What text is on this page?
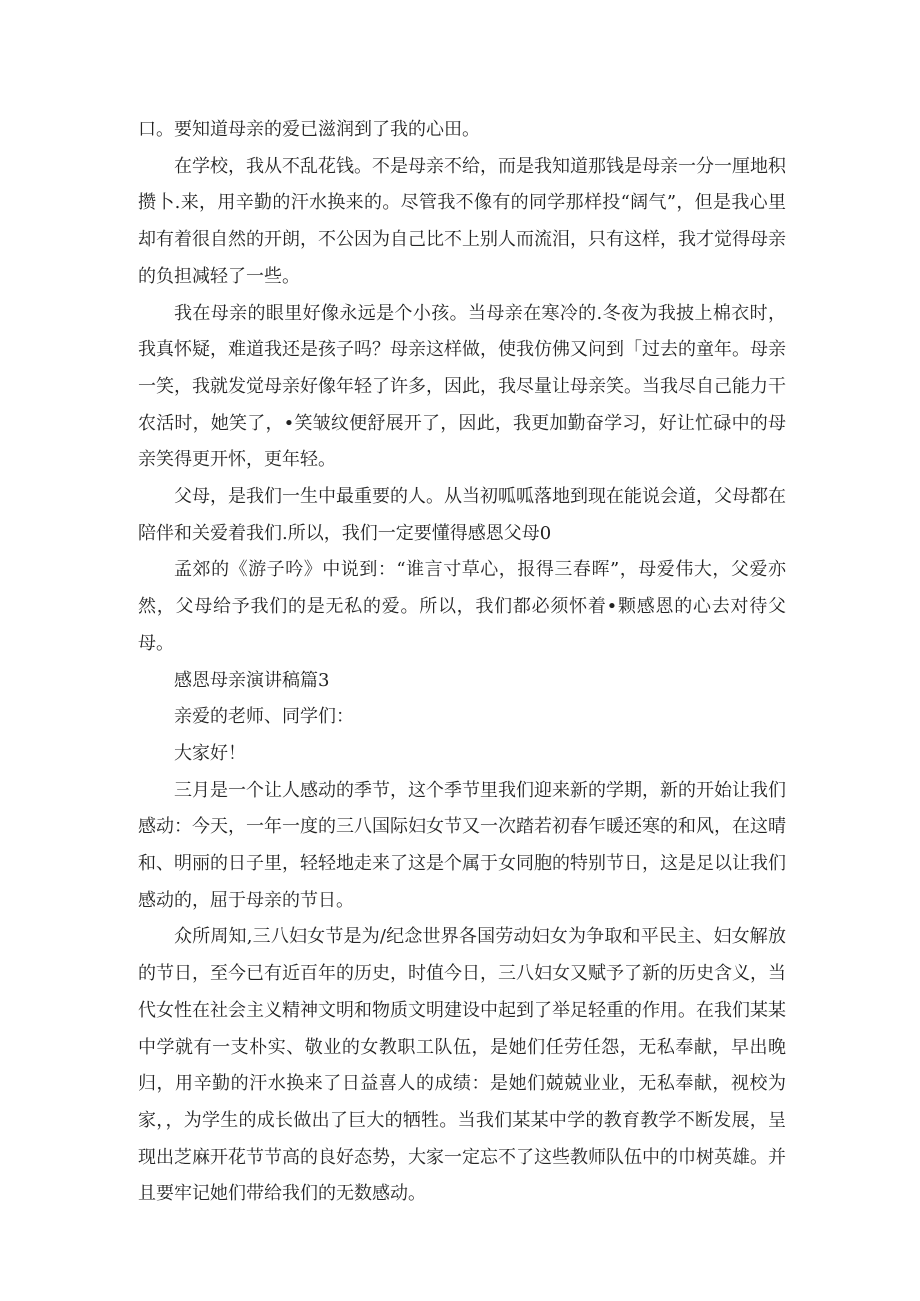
口。要知道母亲的爱已滋润到了我的心田。

在学校，我从不乱花钱。不是母亲不给，而是我知道那钱是母亲一分一厘地积攒卜.来，用辛勤的汗水换来的。尽管我不像有的同学那样投“阔气”，但是我心里却有着很自然的开朗，不公因为自己比不上别人而流泪，只有这样，我才觉得母亲的负担减轻了一些。

我在母亲的眼里好像永远是个小孩。当母亲在寒冷的.冬夜为我披上棉衣时，我真怀疑，难道我还是孩子吗？母亲这样做，使我仿佛又问到「过去的童年。母亲一笑，我就发觉母亲好像年轻了许多，因此，我尽量让母亲笑。当我尽自己能力干农活时，她笑了，•笑皱纹便舒展开了，因此，我更加勤奋学习，好让忙碌中的母亲笑得更开怀，更年轻。

父母，是我们一生中最重要的人。从当初呱呱落地到现在能说会道，父母都在陪伴和关爱着我们.所以，我们一定要懂得感恩父母0

孟郊的《游子吟》中说到：“谁言寸草心，报得三春晖”，母爱伟大，父爱亦然，父母给予我们的是无私的爱。所以，我们都必须怀着•颗感恩的心去对待父母。

感恩母亲演讲稿篇3

亲爱的老师、同学们：

大家好！

三月是一个让人感动的季节，这个季节里我们迎来新的学期，新的开始让我们感动：今天，一年一度的三八国际妇女节又一次踏若初春乍暖还寒的和风，在这晴和、明丽的日子里，轻轻地走来了这是个属于女同胞的特别节日，这是足以让我们感动的，屈于母亲的节日。

众所周知,三八妇女节是为/纪念世界各国劳动妇女为争取和平民主、妇女解放的节日，至今已有近百年的历史，时值今日，三八妇女又赋予了新的历史含义，当代女性在社会主义精神文明和物质文明建设中起到了举足轻重的作用。在我们某某中学就有一支朴实、敬业的女教职工队伍，是她们任劳任怨，无私奉献，早出晚归，用辛勤的汗水换来了日益喜人的成绩：是她们兢兢业业，无私奉献，视校为家，，为学生的成长做出了巨大的牺牲。当我们某某中学的教育教学不断发展，呈现出芝麻开花节节高的良好态势，大家一定忘不了这些教师队伍中的巾树英雄。并且要牢记她们带给我们的无数感动。
